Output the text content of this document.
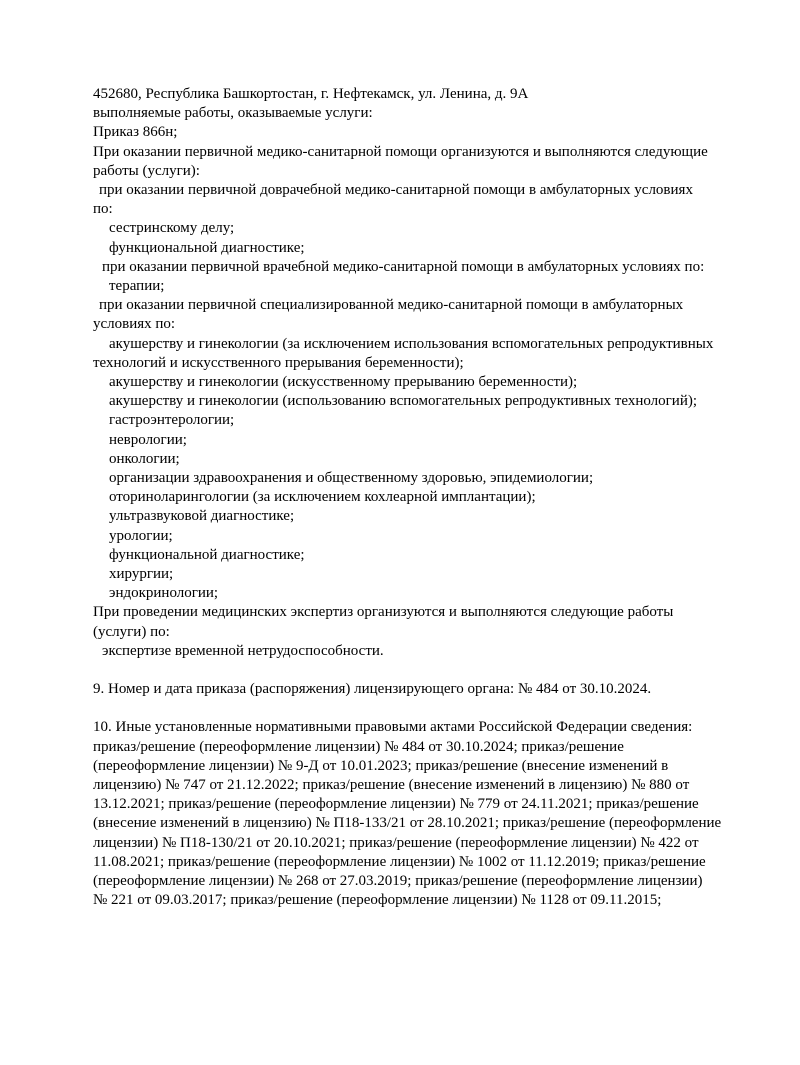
452680, Республика Башкортостан, г. Нефтекамск, ул. Ленина, д. 9А
выполняемые работы, оказываемые услуги:
Приказ 866н;
При оказании первичной медико-санитарной помощи организуются и выполняются следующие
работы (услуги):
при оказании первичной доврачебной медико-санитарной помощи в амбулаторных условиях
по:
сестринскому делу;
функциональной диагностике;
при оказании первичной врачебной медико-санитарной помощи в амбулаторных условиях по:
терапии;
при оказании первичной специализированной медико-санитарной помощи в амбулаторных
условиях по:
акушерству и гинекологии (за исключением использования вспомогательных репродуктивных
технологий и искусственного прерывания беременности);
акушерству и гинекологии (искусственному прерыванию беременности);
акушерству и гинекологии (использованию вспомогательных репродуктивных технологий);
гастроэнтерологии;
неврологии;
онкологии;
организации здравоохранения и общественному здоровью, эпидемиологии;
оториноларингологии (за исключением кохлеарной имплантации);
ультразвуковой диагностике;
урологии;
функциональной диагностике;
хирургии;
эндокринологии;
При проведении медицинских экспертиз организуются и выполняются следующие работы
(услуги) по:
экспертизе временной нетрудоспособности.
9. Номер и дата приказа (распоряжения) лицензирующего органа: № 484 от 30.10.2024.
10. Иные установленные нормативными правовыми актами Российской Федерации сведения:
приказ/решение (переоформление лицензии) № 484 от 30.10.2024; приказ/решение
(переоформление лицензии) № 9-Д от 10.01.2023; приказ/решение (внесение изменений в
лицензию) № 747 от 21.12.2022; приказ/решение (внесение изменений в лицензию) № 880 от
13.12.2021; приказ/решение (переоформление лицензии) № 779 от 24.11.2021; приказ/решение
(внесение изменений в лицензию) № П18-133/21 от 28.10.2021; приказ/решение (переоформление
лицензии) № П18-130/21 от 20.10.2021; приказ/решение (переоформление лицензии) № 422 от
11.08.2021; приказ/решение (переоформление лицензии) № 1002 от 11.12.2019; приказ/решение
(переоформление лицензии) № 268 от 27.03.2019; приказ/решение (переоформление лицензии)
№ 221 от 09.03.2017; приказ/решение (переоформление лицензии) № 1128 от 09.11.2015;
